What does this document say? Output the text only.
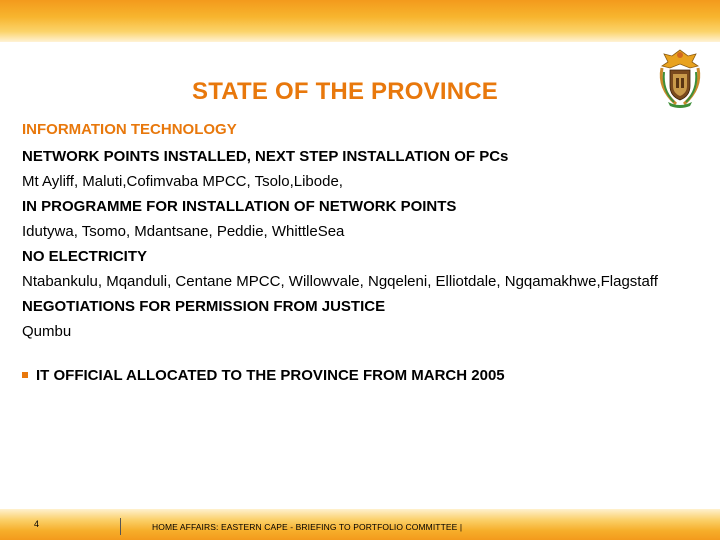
STATE OF THE PROVINCE
INFORMATION TECHNOLOGY
NETWORK POINTS INSTALLED, NEXT STEP INSTALLATION OF PCs
Mt Ayliff, Maluti,Cofimvaba MPCC, Tsolo,Libode,
IN PROGRAMME FOR INSTALLATION OF NETWORK POINTS
Idutywa, Tsomo, Mdantsane, Peddie, WhittleSea
NO ELECTRICITY
Ntabankulu, Mqanduli, Centane MPCC, Willowvale, Ngqeleni, Elliotdale, Ngqamakhwe,Flagstaff
NEGOTIATIONS FOR PERMISSION FROM JUSTICE
Qumbu
IT OFFICIAL ALLOCATED TO THE PROVINCE FROM MARCH 2005
4	HOME AFFAIRS: EASTERN CAPE - BRIEFING TO PORTFOLIO COMMITTEE |
